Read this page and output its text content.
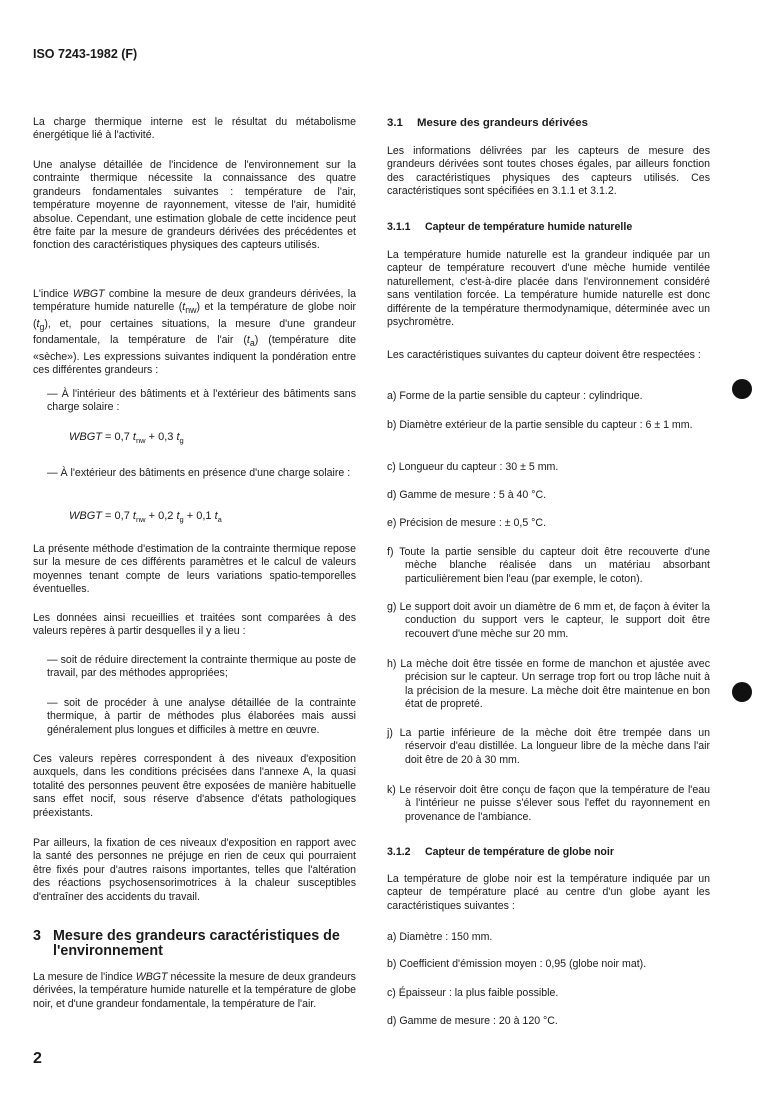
ISO 7243-1982 (F)

La charge thermique interne est le résultat du métabolisme énergétique lié à l'activité.

Une analyse détaillée de l'incidence de l'environnement sur la contrainte thermique nécessite la connaissance des quatre grandeurs fondamentales suivantes : température de l'air, température moyenne de rayonnement, vitesse de l'air, humidité absolue. Cependant, une estimation globale de cette incidence peut être faite par la mesure de grandeurs dérivées des précédentes et fonction des caractéristiques physiques des capteurs utilisés.

L'indice WBGT combine la mesure de deux grandeurs dérivées, la température humide naturelle $(t_{nw})$ et la température de globe noir $(t_g)$, et, pour certaines situations, la mesure d'une grandeur fondamentale, la température de l'air $(t_a)$ (température dite «sèche»). Les expressions suivantes indiquent la pondération entre ces différentes grandeurs :

— À l'intérieur des bâtiments et à l'extérieur des bâtiments sans charge solaire :

WBGT = 0,7 $t_{nw} + 0,3$ $t_g$

— À l'extérieur des bâtiments en présence d'une charge solaire :

WBGT = 0,7 $t_{nw} + 0,2$ $t_g + 0,1$ $t_a$

La présente méthode d'estimation de la contrainte thermique repose sur la mesure de ces différents paramètres et le calcul de valeurs moyennes tenant compte de leurs variations spatio-temporelles éventuelles.

Les données ainsi recueillies et traitées sont comparées à des valeurs repères à partir desquelles il y a lieu :

— soit de réduire directement la contrainte thermique au poste de travail, par des méthodes appropriées;

— soit de procéder à une analyse détaillée de la contrainte thermique, à partir de méthodes plus élaborées mais aussi généralement plus longues et difficiles à mettre en œuvre.

Ces valeurs repères correspondent à des niveaux d'exposition auxquels, dans les conditions précisées dans l'annexe A, la quasi totalité des personnes peuvent être exposées de manière habituelle sans effet nocif, sous réserve d'absence d'états pathologiques préexistants.

Par ailleurs, la fixation de ces niveaux d'exposition en rapport avec la santé des personnes ne préjuge en rien de ceux qui pourraient être fixés pour d'autres raisons importantes, telles que l'altération des réactions psychosensorimotrices à la chaleur susceptibles d'entraîner des accidents du travail.

3 Mesure des grandeurs caractéristiques de l'environnement

La mesure de l'indice WBGT nécessite la mesure de deux grandeurs dérivées, la température humide naturelle et la température de globe noir, et d'une grandeur fondamentale, la température de l'air.

3.1 Mesure des grandeurs dérivées

Les informations délivrées par les capteurs de mesure des grandeurs dérivées sont toutes choses égales, par ailleurs fonction des caractéristiques physiques des capteurs utilisés. Ces caractéristiques sont spécifiées en 3.1.1 et 3.1.2.

3.1.1 Capteur de température humide naturelle

La température humide naturelle est la grandeur indiquée par un capteur de température recouvert d'une mèche humide ventilée naturellement, c'est-à-dire placée dans l'environnement considéré sans ventilation forcée. La température humide naturelle est donc différente de la température thermodynamique, déterminée avec un psychromètre.

Les caractéristiques suivantes du capteur doivent être respectées :

a) Forme de la partie sensible du capteur : cylindrique.

b) Diamètre extérieur de la partie sensible du capteur : 6 ± 1 mm.

c) Longueur du capteur : 30 ± 5 mm.

d) Gamme de mesure : 5 à 40 °C.

e) Précision de mesure : ± 0,5 °C.

f) Toute la partie sensible du capteur doit être recouverte d'une mèche blanche réalisée dans un matériau absorbant particulièrement bien l'eau (par exemple, le coton).

g) Le support doit avoir un diamètre de 6 mm et, de façon à éviter la conduction du support vers le capteur, le support doit être recouvert d'une mèche sur 20 mm.

h) La mèche doit être tissée en forme de manchon et ajustée avec précision sur le capteur. Un serrage trop fort ou trop lâche nuit à la précision de la mesure. La mèche doit être maintenue en bon état de propreté.

j) La partie inférieure de la mèche doit être trempée dans un réservoir d'eau distillée. La longueur libre de la mèche dans l'air doit être de 20 à 30 mm.

k) Le réservoir doit être conçu de façon que la température de l'eau à l'intérieur ne puisse s'élever sous l'effet du rayonnement en provenance de l'ambiance.

3.1.2 Capteur de température de globe noir

La température de globe noir est la température indiquée par un capteur de température placé au centre d'un globe ayant les caractéristiques suivantes :

a) Diamètre : 150 mm.

b) Coefficient d'émission moyen : 0,95 (globe noir mat).

c) Épaisseur : la plus faible possible.

d) Gamme de mesure : 20 à 120 °C.

2
